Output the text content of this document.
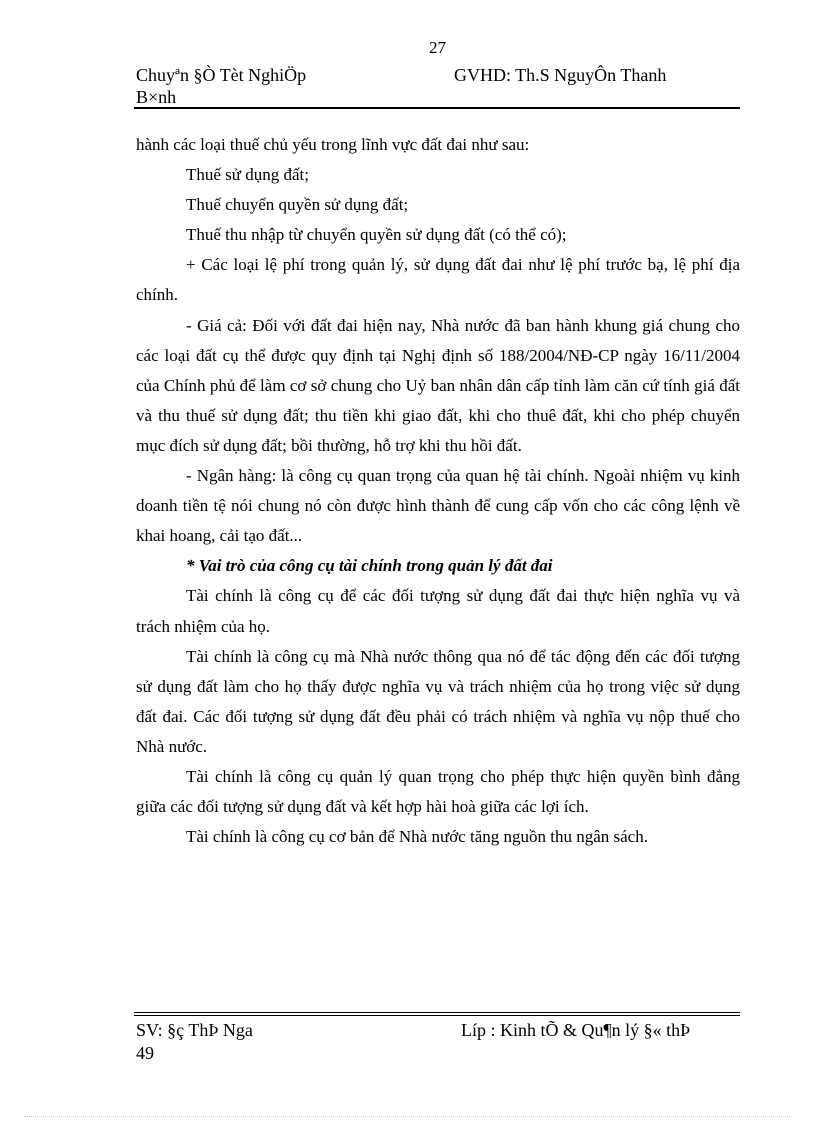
27
Chuyªn §Ò Tèt NghiÖp	GVHD: Th.S NguyÔn Thanh
B×nh

hành các loại thuế chủ yếu trong lĩnh vực đất đai như sau:

Thuế sử dụng đất;

Thuế chuyển quyền sử dụng đất;

Thuế thu nhập từ chuyển quyền sử dụng đất (có thể có);

+ Các loại lệ phí trong quản lý, sử dụng đất đai như lệ phí trước bạ, lệ phí địa chính.

- Giá cả: Đối với đất đai hiện nay, Nhà nước đã ban hành khung giá chung cho các loại đất cụ thể được quy định tại Nghị định số 188/2004/NĐ-CP ngày 16/11/2004 của Chính phủ để làm cơ sở chung cho Uỷ ban nhân dân cấp tỉnh làm căn cứ tính giá đất và thu thuế sử dụng đất; thu tiền khi giao đất, khi cho thuê đất, khi cho phép chuyển mục đích sử dụng đất; bồi thường, hỗ trợ khi thu hồi đất.

- Ngân hàng: là công cụ quan trọng của quan hệ tài chính. Ngoài nhiệm vụ kinh doanh tiền tệ nói chung nó còn được hình thành để cung cấp vốn cho các công lệnh về khai hoang, cải tạo đất...

* Vai trò của công cụ tài chính trong quản lý đất đai

Tài chính là công cụ để các đối tượng sử dụng đất đai thực hiện nghĩa vụ và trách nhiệm của họ.

Tài chính là công cụ mà Nhà nước thông qua nó để tác động đến các đối tượng sử dụng đất làm cho họ thấy được nghĩa vụ và trách nhiệm của họ trong việc sử dụng đất đai. Các đối tượng sử dụng đất đều phải có trách nhiệm và nghĩa vụ nộp thuế cho Nhà nước.

Tài chính là công cụ quản lý quan trọng cho phép thực hiện quyền bình đẳng giữa các đối tượng sử dụng đất và kết hợp hài hoà giữa các lợi ích.

Tài chính là công cụ cơ bản để Nhà nước tăng nguồn thu ngân sách.

SV: §ç ThÞ Nga	Líp : Kinh tÕ & Qu¶n lý §« thÞ
49
